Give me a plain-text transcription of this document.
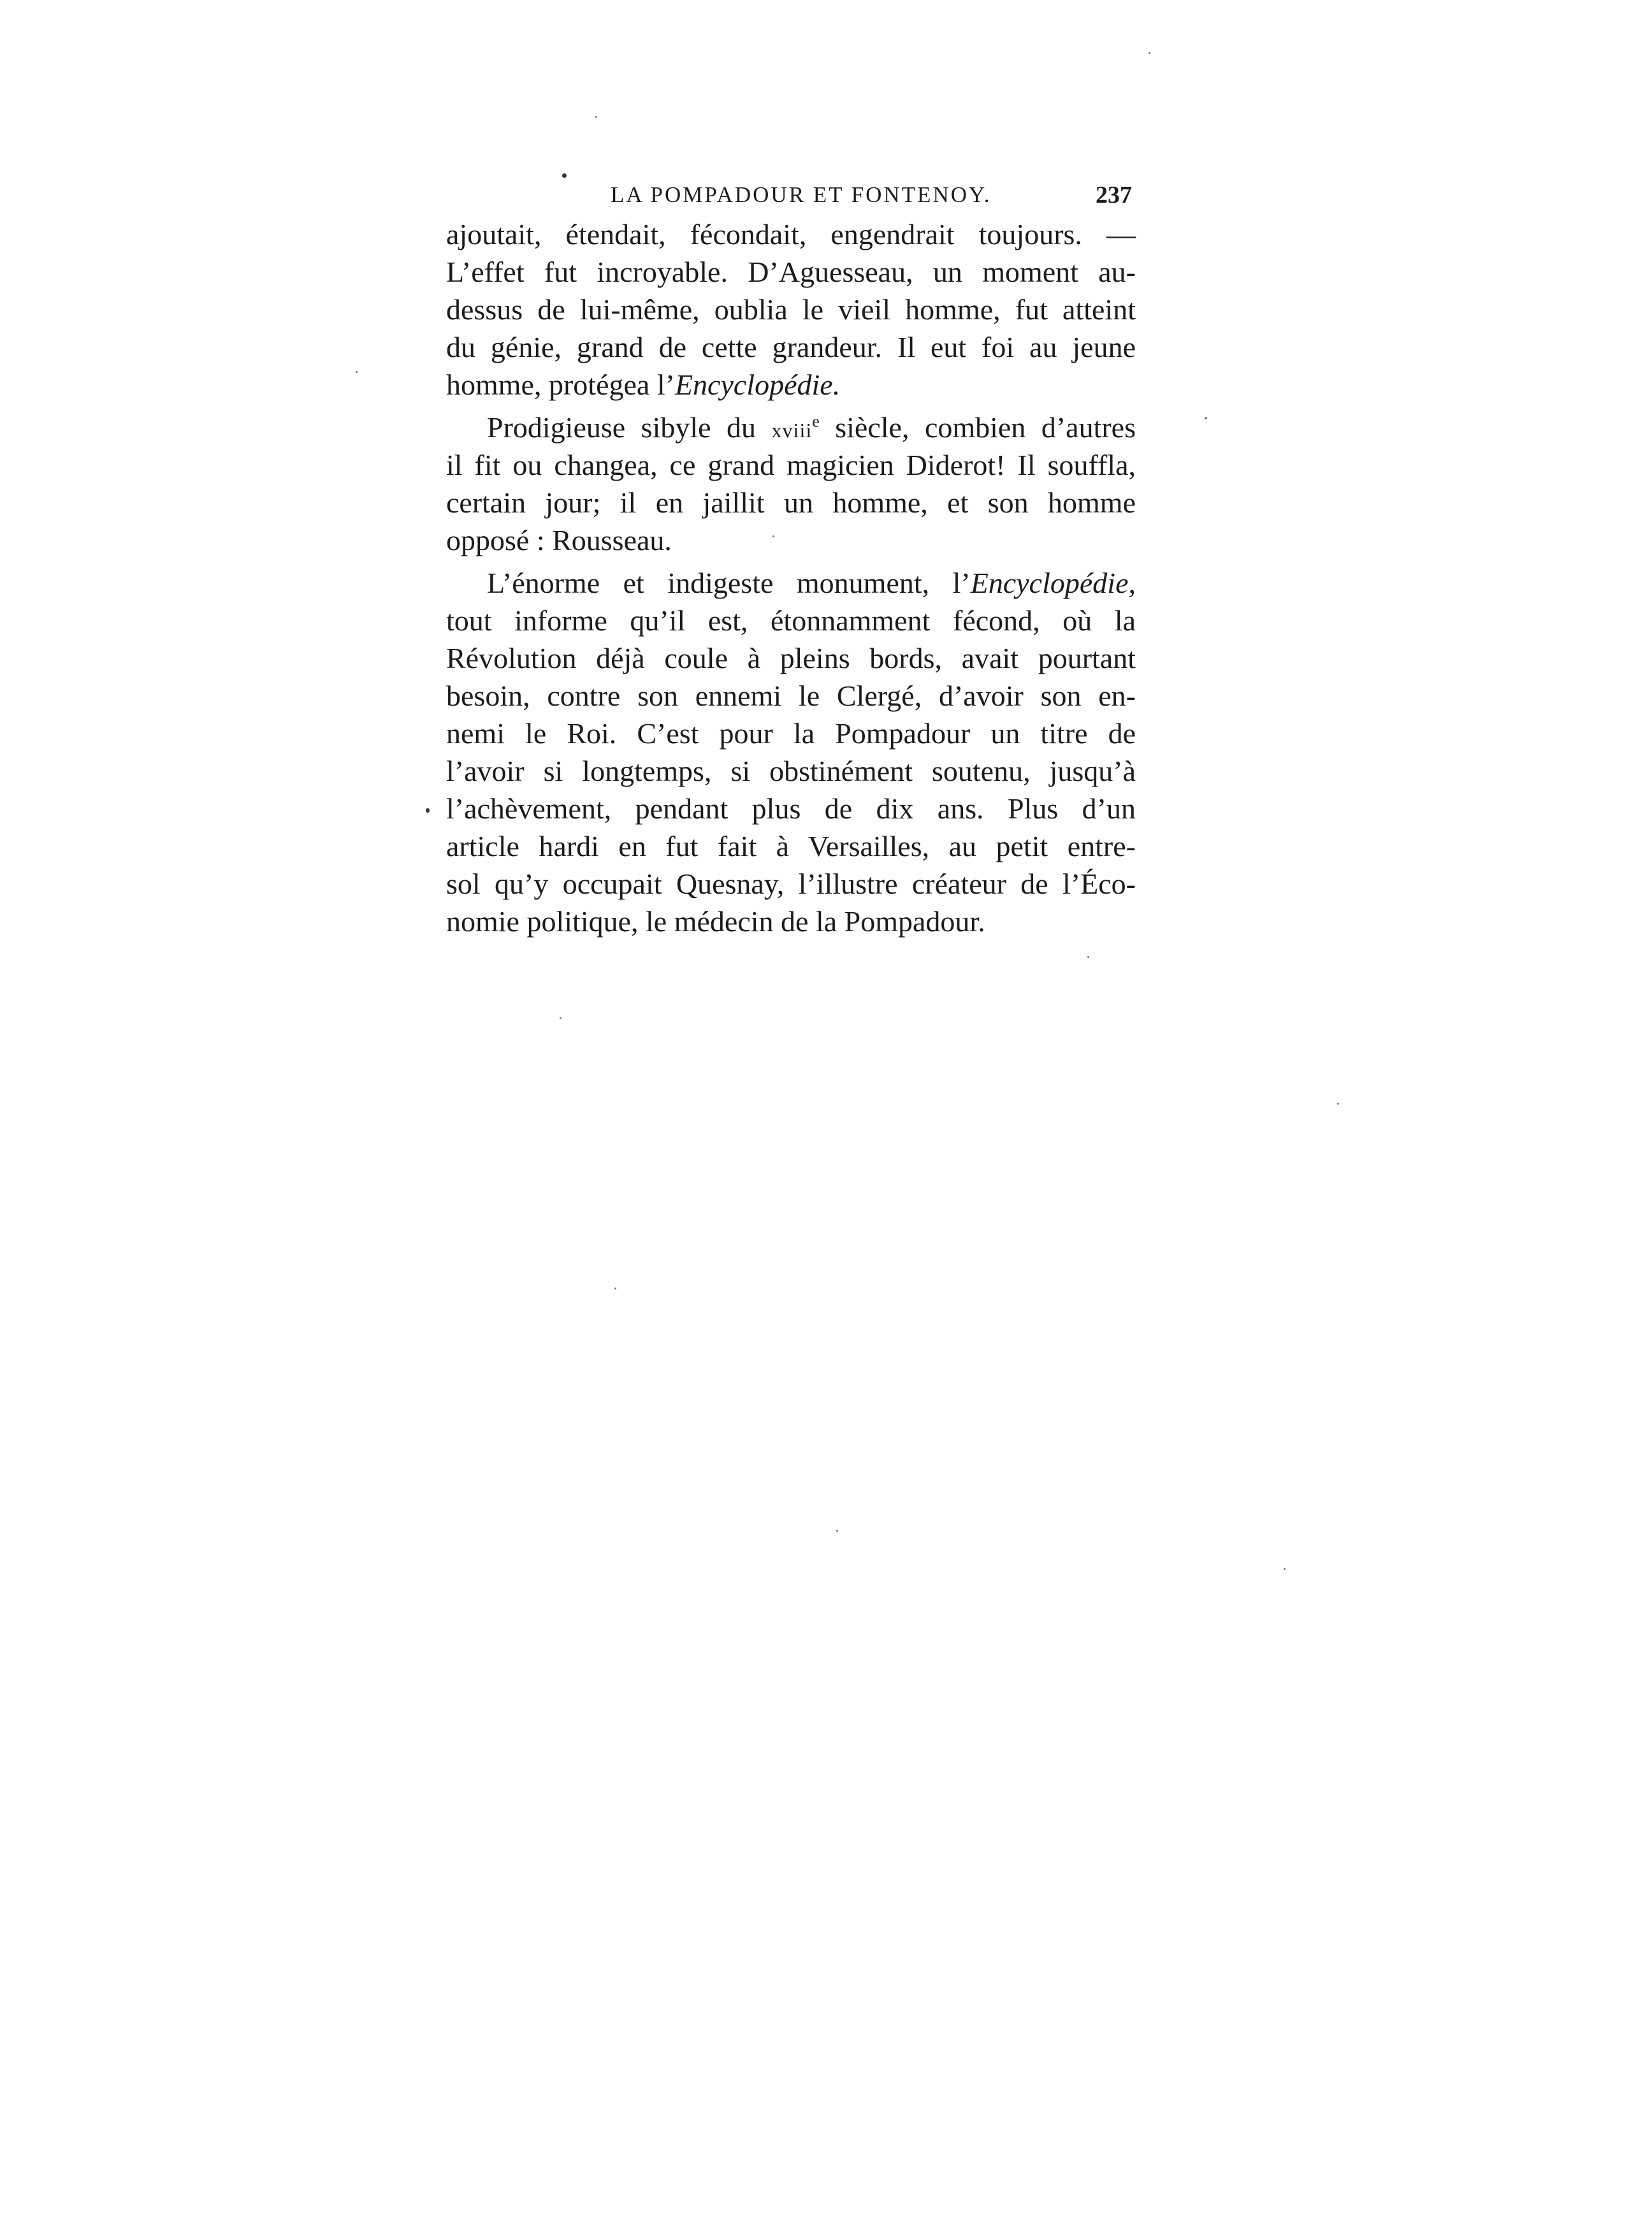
LA POMPADOUR ET FONTENOY.	237
ajoutait, étendait, fécondait, engendrait toujours. —
L’effet fut incroyable. D’Aguesseau, un moment au-
dessus de lui-même, oublia le vieil homme, fut atteint
du génie, grand de cette grandeur. Il eut foi au jeune
homme, protégea l’Encyclopédie.
Prodigieuse sibyle du xviii$^e$ siècle, combien d’autres
il fit ou changea, ce grand magicien Diderot! Il souffla,
certain jour; il en jaillit un homme, et son homme
opposé : Rousseau.
L’énorme et indigeste monument, l’Encyclopédie,
tout informe qu’il est, étonnamment fécond, où la
Révolution déjà coule à pleins bords, avait pourtant
besoin, contre son ennemi le Clergé, d’avoir son en-
nemi le Roi. C’est pour la Pompadour un titre de
l’avoir si longtemps, si obstinément soutenu, jusqu’à
l’achèvement, pendant plus de dix ans. Plus d’un
article hardi en fut fait à Versailles, au petit entre-
sol qu’y occupait Quesnay, l’illustre créateur de l’Éco-
nomie politique, le médecin de la Pompadour.
